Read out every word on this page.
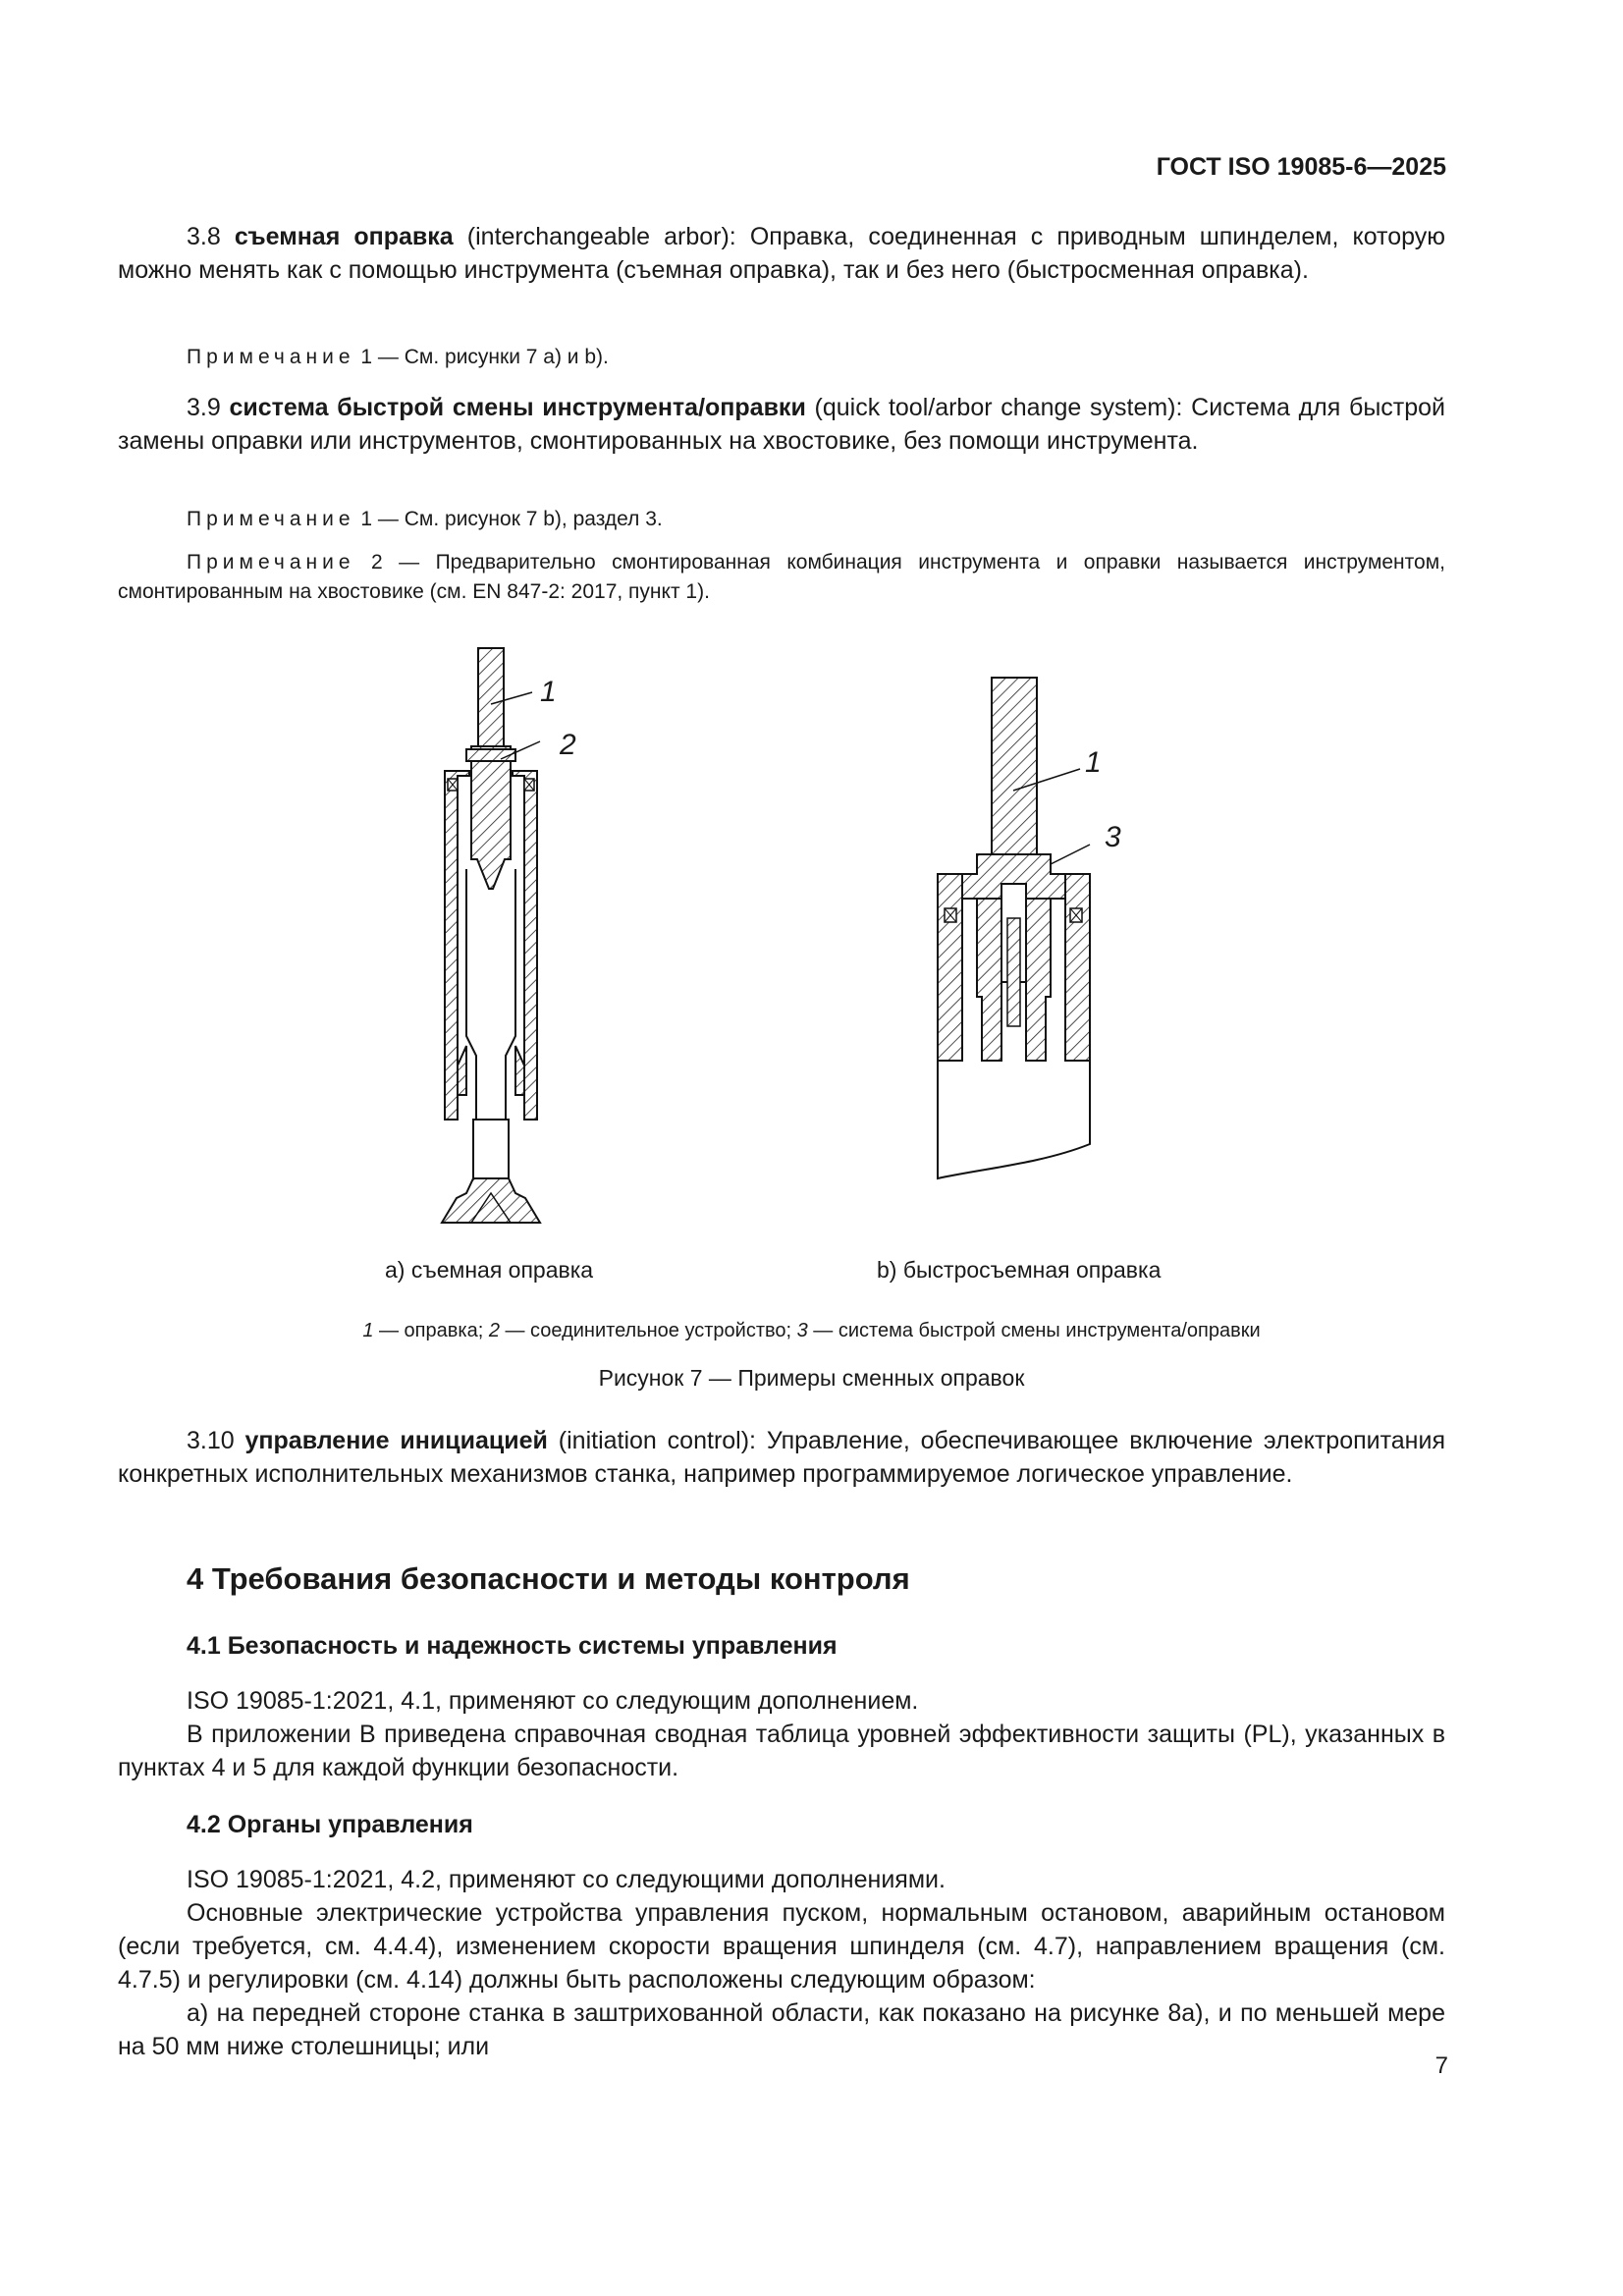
ГОСТ ISO 19085-6—2025

3.8 съемная оправка (interchangeable arbor): Оправка, соединенная с приводным шпинделем, которую можно менять как с помощью инструмента (съемная оправка), так и без него (быстросменная оправка).

Примечание 1 — См. рисунки 7 a) и b).

3.9 система быстрой смены инструмента/оправки (quick tool/arbor change system): Система для быстрой замены оправки или инструментов, смонтированных на хвостовике, без помощи инструмента.

Примечание 1 — См. рисунок 7 b), раздел 3.

Примечание 2 — Предварительно смонтированная комбинация инструмента и оправки называется инструментом, смонтированным на хвостовике (см. EN 847-2: 2017, пункт 1).

1
2
1
3
a) съемная оправка	b) быстросъемная оправка
1 — оправка; 2 — соединительное устройство; 3 — система быстрой смены инструмента/оправки
Рисунок 7 — Примеры сменных оправок

3.10 управление инициацией (initiation control): Управление, обеспечивающее включение электропитания конкретных исполнительных механизмов станка, например программируемое логическое управление.

4 Требования безопасности и методы контроля
4.1 Безопасность и надежность системы управления

ISO 19085-1:2021, 4.1, применяют со следующим дополнением.

В приложении B приведена справочная сводная таблица уровней эффективности защиты (PL), указанных в пунктах 4 и 5 для каждой функции безопасности.

4.2 Органы управления

ISO 19085-1:2021, 4.2, применяют со следующими дополнениями.

Основные электрические устройства управления пуском, нормальным остановом, аварийным остановом (если требуется, см. 4.4.4), изменением скорости вращения шпинделя (см. 4.7), направлением вращения (см. 4.7.5) и регулировки (см. 4.14) должны быть расположены следующим образом:

a) на передней стороне станка в заштрихованной области, как показано на рисунке 8а), и по меньшей мере на 50 мм ниже столешницы; или

7
